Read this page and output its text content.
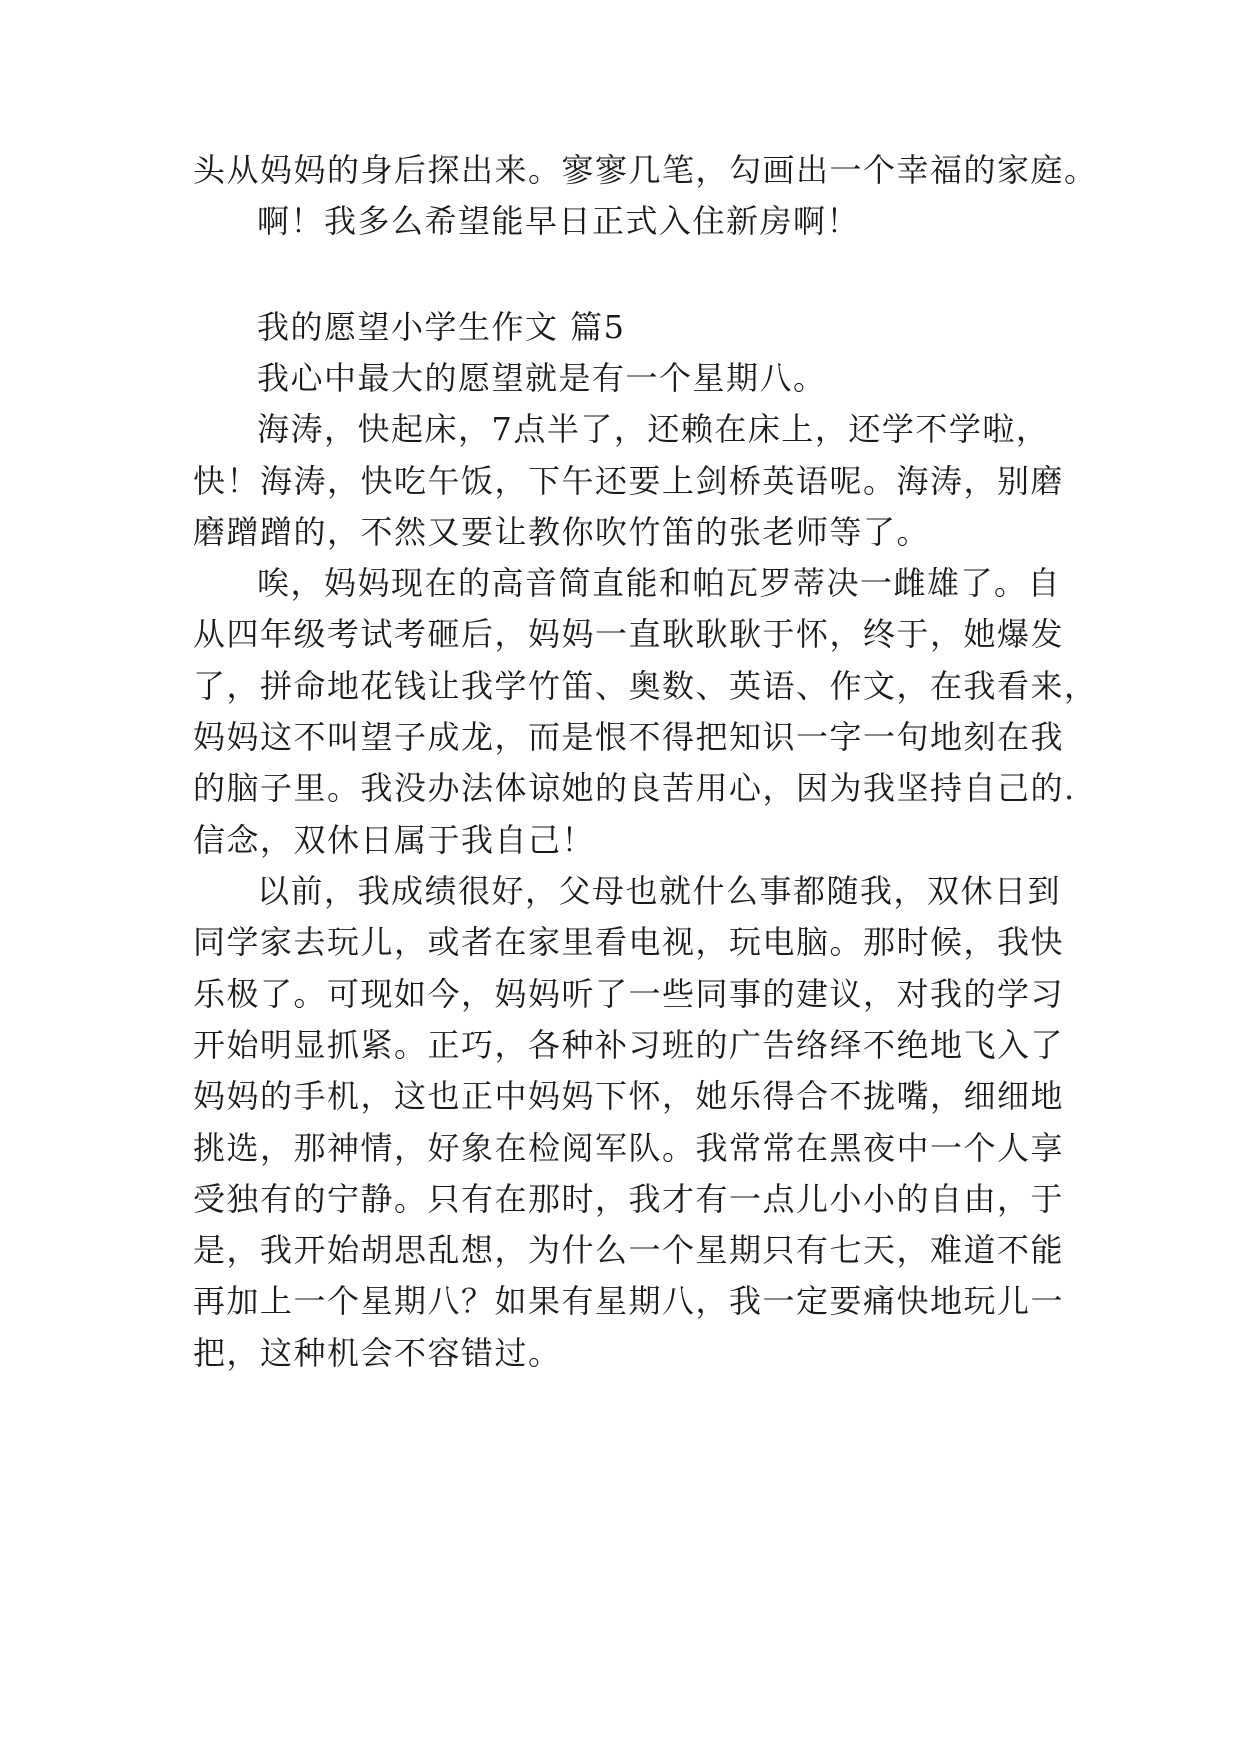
头从妈妈的身后探出来。寥寥几笔，勾画出一个幸福的家庭。
啊！我多么希望能早日正式入住新房啊！
我的愿望小学生作文 篇5
我心中最大的愿望就是有一个星期八。
海涛，快起床，7点半了，还赖在床上，还学不学啦，
快！海涛，快吃午饭，下午还要上剑桥英语呢。海涛，别磨
磨蹭蹭的，不然又要让教你吹竹笛的张老师等了。
唉，妈妈现在的高音简直能和帕瓦罗蒂决一雌雄了。自
从四年级考试考砸后，妈妈一直耿耿耿于怀，终于，她爆发
了，拼命地花钱让我学竹笛、奥数、英语、作文，在我看来，
妈妈这不叫望子成龙，而是恨不得把知识一字一句地刻在我
的脑子里。我没办法体谅她的良苦用心，因为我坚持自己的.
信念，双休日属于我自己！
以前，我成绩很好，父母也就什么事都随我，双休日到
同学家去玩儿，或者在家里看电视，玩电脑。那时候，我快
乐极了。可现如今，妈妈听了一些同事的建议，对我的学习
开始明显抓紧。正巧，各种补习班的广告络绎不绝地飞入了
妈妈的手机，这也正中妈妈下怀，她乐得合不拢嘴，细细地
挑选，那神情，好象在检阅军队。我常常在黑夜中一个人享
受独有的宁静。只有在那时，我才有一点儿小小的自由，于
是，我开始胡思乱想，为什么一个星期只有七天，难道不能
再加上一个星期八？如果有星期八，我一定要痛快地玩儿一
把，这种机会不容错过。
